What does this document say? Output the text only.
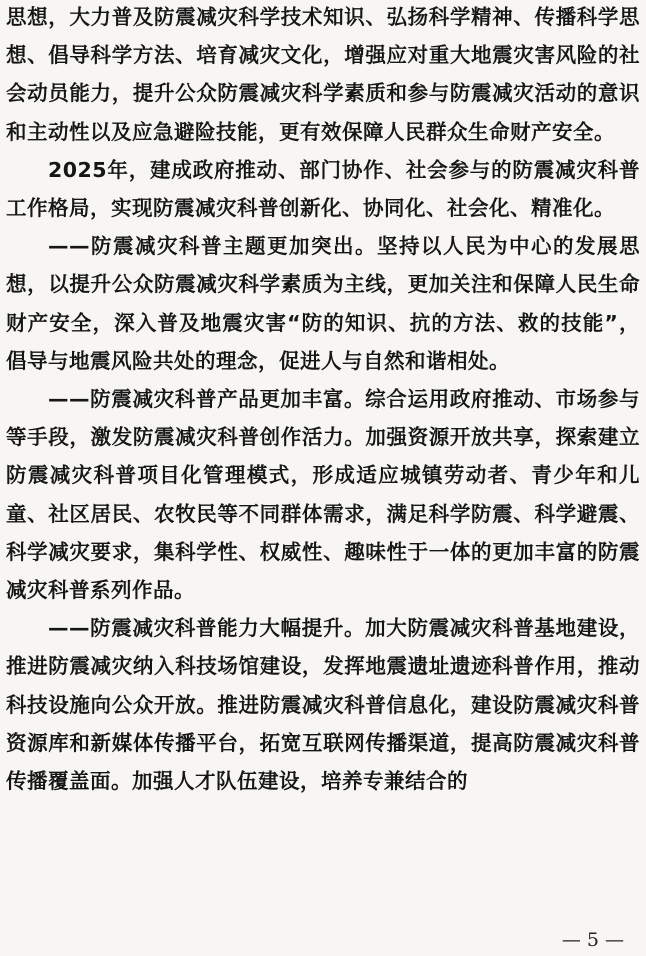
思想，大力普及防震减灾科学技术知识、弘扬科学精神、传播科学思想、倡导科学方法、培育减灾文化，增强应对重大地震灾害风险的社会动员能力，提升公众防震减灾科学素质和参与防震减灾活动的意识和主动性以及应急避险技能，更有效保障人民群众生命财产安全。

2025年，建成政府推动、部门协作、社会参与的防震减灾科普工作格局，实现防震减灾科普创新化、协同化、社会化、精准化。

——防震减灾科普主题更加突出。坚持以人民为中心的发展思想，以提升公众防震减灾科学素质为主线，更加关注和保障人民生命财产安全，深入普及地震灾害“防的知识、抗的方法、救的技能”，倡导与地震风险共处的理念，促进人与自然和谐相处。

——防震减灾科普产品更加丰富。综合运用政府推动、市场参与等手段，激发防震减灾科普创作活力。加强资源开放共享，探索建立防震减灾科普项目化管理模式，形成适应城镇劳动者、青少年和儿童、社区居民、农牧民等不同群体需求，满足科学防震、科学避震、科学减灾要求，集科学性、权威性、趣味性于一体的更加丰富的防震减灾科普系列作品。

——防震减灾科普能力大幅提升。加大防震减灾科普基地建设，推进防震减灾纳入科技场馆建设，发挥地震遗址遗迹科普作用，推动科技设施向公众开放。推进防震减灾科普信息化，建设防震减灾科普资源库和新媒体传播平台，拓宽互联网传播渠道，提高防震减灾科普传播覆盖面。加强人才队伍建设，培养专兼结合的

— 5 —
